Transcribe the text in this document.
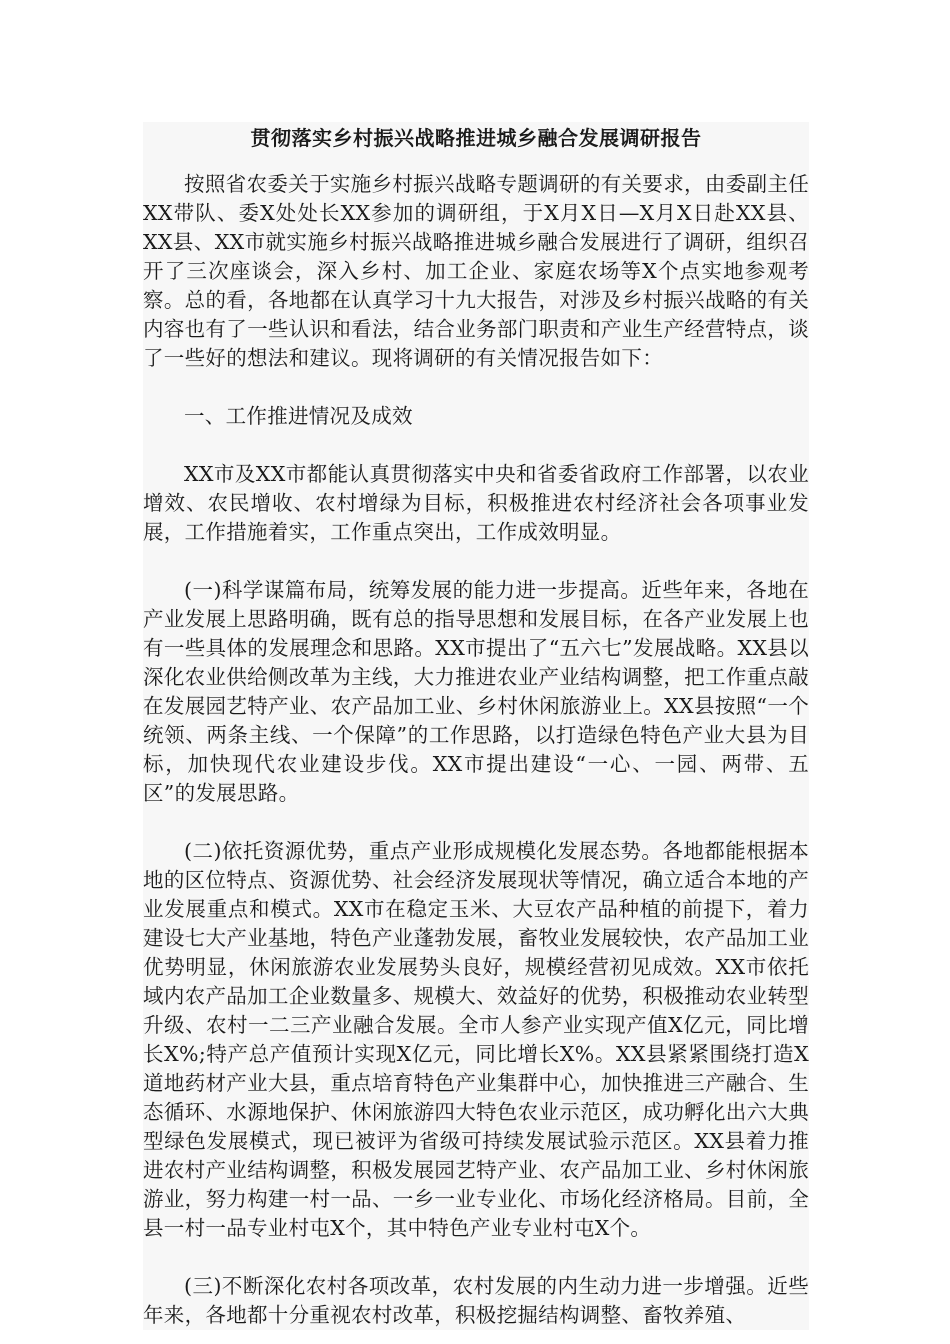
贯彻落实乡村振兴战略推进城乡融合发展调研报告

按照省农委关于实施乡村振兴战略专题调研的有关要求，由委副主任XX带队、委X处处长XX参加的调研组，于X月X日—X月X日赴XX县、XX县、XX市就实施乡村振兴战略推进城乡融合发展进行了调研，组织召开了三次座谈会，深入乡村、加工企业、家庭农场等X个点实地参观考察。总的看，各地都在认真学习十九大报告，对涉及乡村振兴战略的有关内容也有了一些认识和看法，结合业务部门职责和产业生产经营特点，谈了一些好的想法和建议。现将调研的有关情况报告如下：

一、工作推进情况及成效

XX市及XX市都能认真贯彻落实中央和省委省政府工作部署，以农业增效、农民增收、农村增绿为目标，积极推进农村经济社会各项事业发展，工作措施着实，工作重点突出，工作成效明显。

(一)科学谋篇布局，统筹发展的能力进一步提高。近些年来，各地在产业发展上思路明确，既有总的指导思想和发展目标，在各产业发展上也有一些具体的发展理念和思路。XX市提出了“五六七”发展战略。XX县以深化农业供给侧改革为主线，大力推进农业产业结构调整，把工作重点敲在发展园艺特产业、农产品加工业、乡村休闲旅游业上。XX县按照“一个统领、两条主线、一个保障”的工作思路，以打造绿色特色产业大县为目标，加快现代农业建设步伐。XX市提出建设“一心、一园、两带、五区”的发展思路。

(二)依托资源优势，重点产业形成规模化发展态势。各地都能根据本地的区位特点、资源优势、社会经济发展现状等情况，确立适合本地的产业发展重点和模式。XX市在稳定玉米、大豆农产品种植的前提下，着力建设七大产业基地，特色产业蓬勃发展，畜牧业发展较快，农产品加工业优势明显，休闲旅游农业发展势头良好，规模经营初见成效。XX市依托域内农产品加工企业数量多、规模大、效益好的优势，积极推动农业转型升级、农村一二三产业融合发展。全市人参产业实现产值X亿元，同比增长X%;特产总产值预计实现X亿元，同比增长X%。XX县紧紧围绕打造X道地药材产业大县，重点培育特色产业集群中心，加快推进三产融合、生态循环、水源地保护、休闲旅游四大特色农业示范区，成功孵化出六大典型绿色发展模式，现已被评为省级可持续发展试验示范区。XX县着力推进农村产业结构调整，积极发展园艺特产业、农产品加工业、乡村休闲旅游业，努力构建一村一品、一乡一业专业化、市场化经济格局。目前，全县一村一品专业村屯X个，其中特色产业专业村屯X个。

(三)不断深化农村各项改革，农村发展的内生动力进一步增强。近些年来，各地都十分重视农村改革，积极挖掘结构调整、畜牧养殖、
